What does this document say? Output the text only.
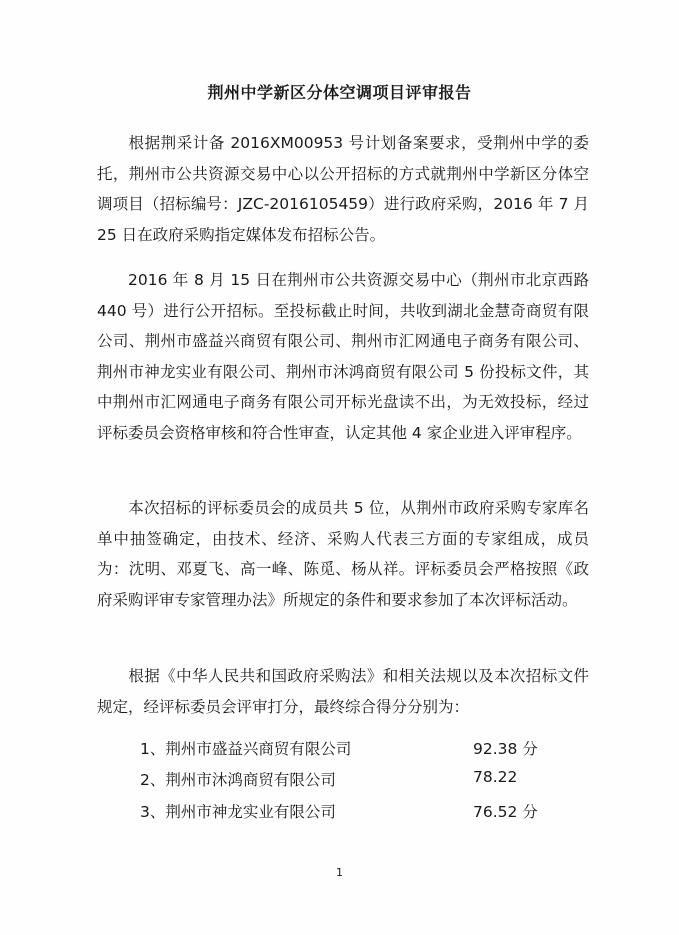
荆州中学新区分体空调项目评审报告

根据荆采计备 2016XM00953 号计划备案要求，受荆州中学的委托，荆州市公共资源交易中心以公开招标的方式就荆州中学新区分体空调项目（招标编号：JZC-2016105459）进行政府采购，2016 年 7 月 25 日在政府采购指定媒体发布招标公告。

2016 年 8 月 15 日在荆州市公共资源交易中心（荆州市北京西路 440 号）进行公开招标。至投标截止时间，共收到湖北金慧奇商贸有限公司、荆州市盛益兴商贸有限公司、荆州市汇网通电子商务有限公司、荆州市神龙实业有限公司、荆州市沐鸿商贸有限公司 5 份投标文件，其中荆州市汇网通电子商务有限公司开标光盘读不出，为无效投标，经过评标委员会资格审核和符合性审查，认定其他 4 家企业进入评审程序。

本次招标的评标委员会的成员共 5 位，从荆州市政府采购专家库名单中抽签确定，由技术、经济、采购人代表三方面的专家组成，成员为：沈明、邓夏飞、高一峰、陈觅、杨从祥。评标委员会严格按照《政府采购评审专家管理办法》所规定的条件和要求参加了本次评标活动。

根据《中华人民共和国政府采购法》和相关法规以及本次招标文件规定，经评标委员会评审打分，最终综合得分分别为：

1、荆州市盛益兴商贸有限公司	92.38 分
2、荆州市沐鸿商贸有限公司	78.22
3、荆州市神龙实业有限公司	76.52 分
1
